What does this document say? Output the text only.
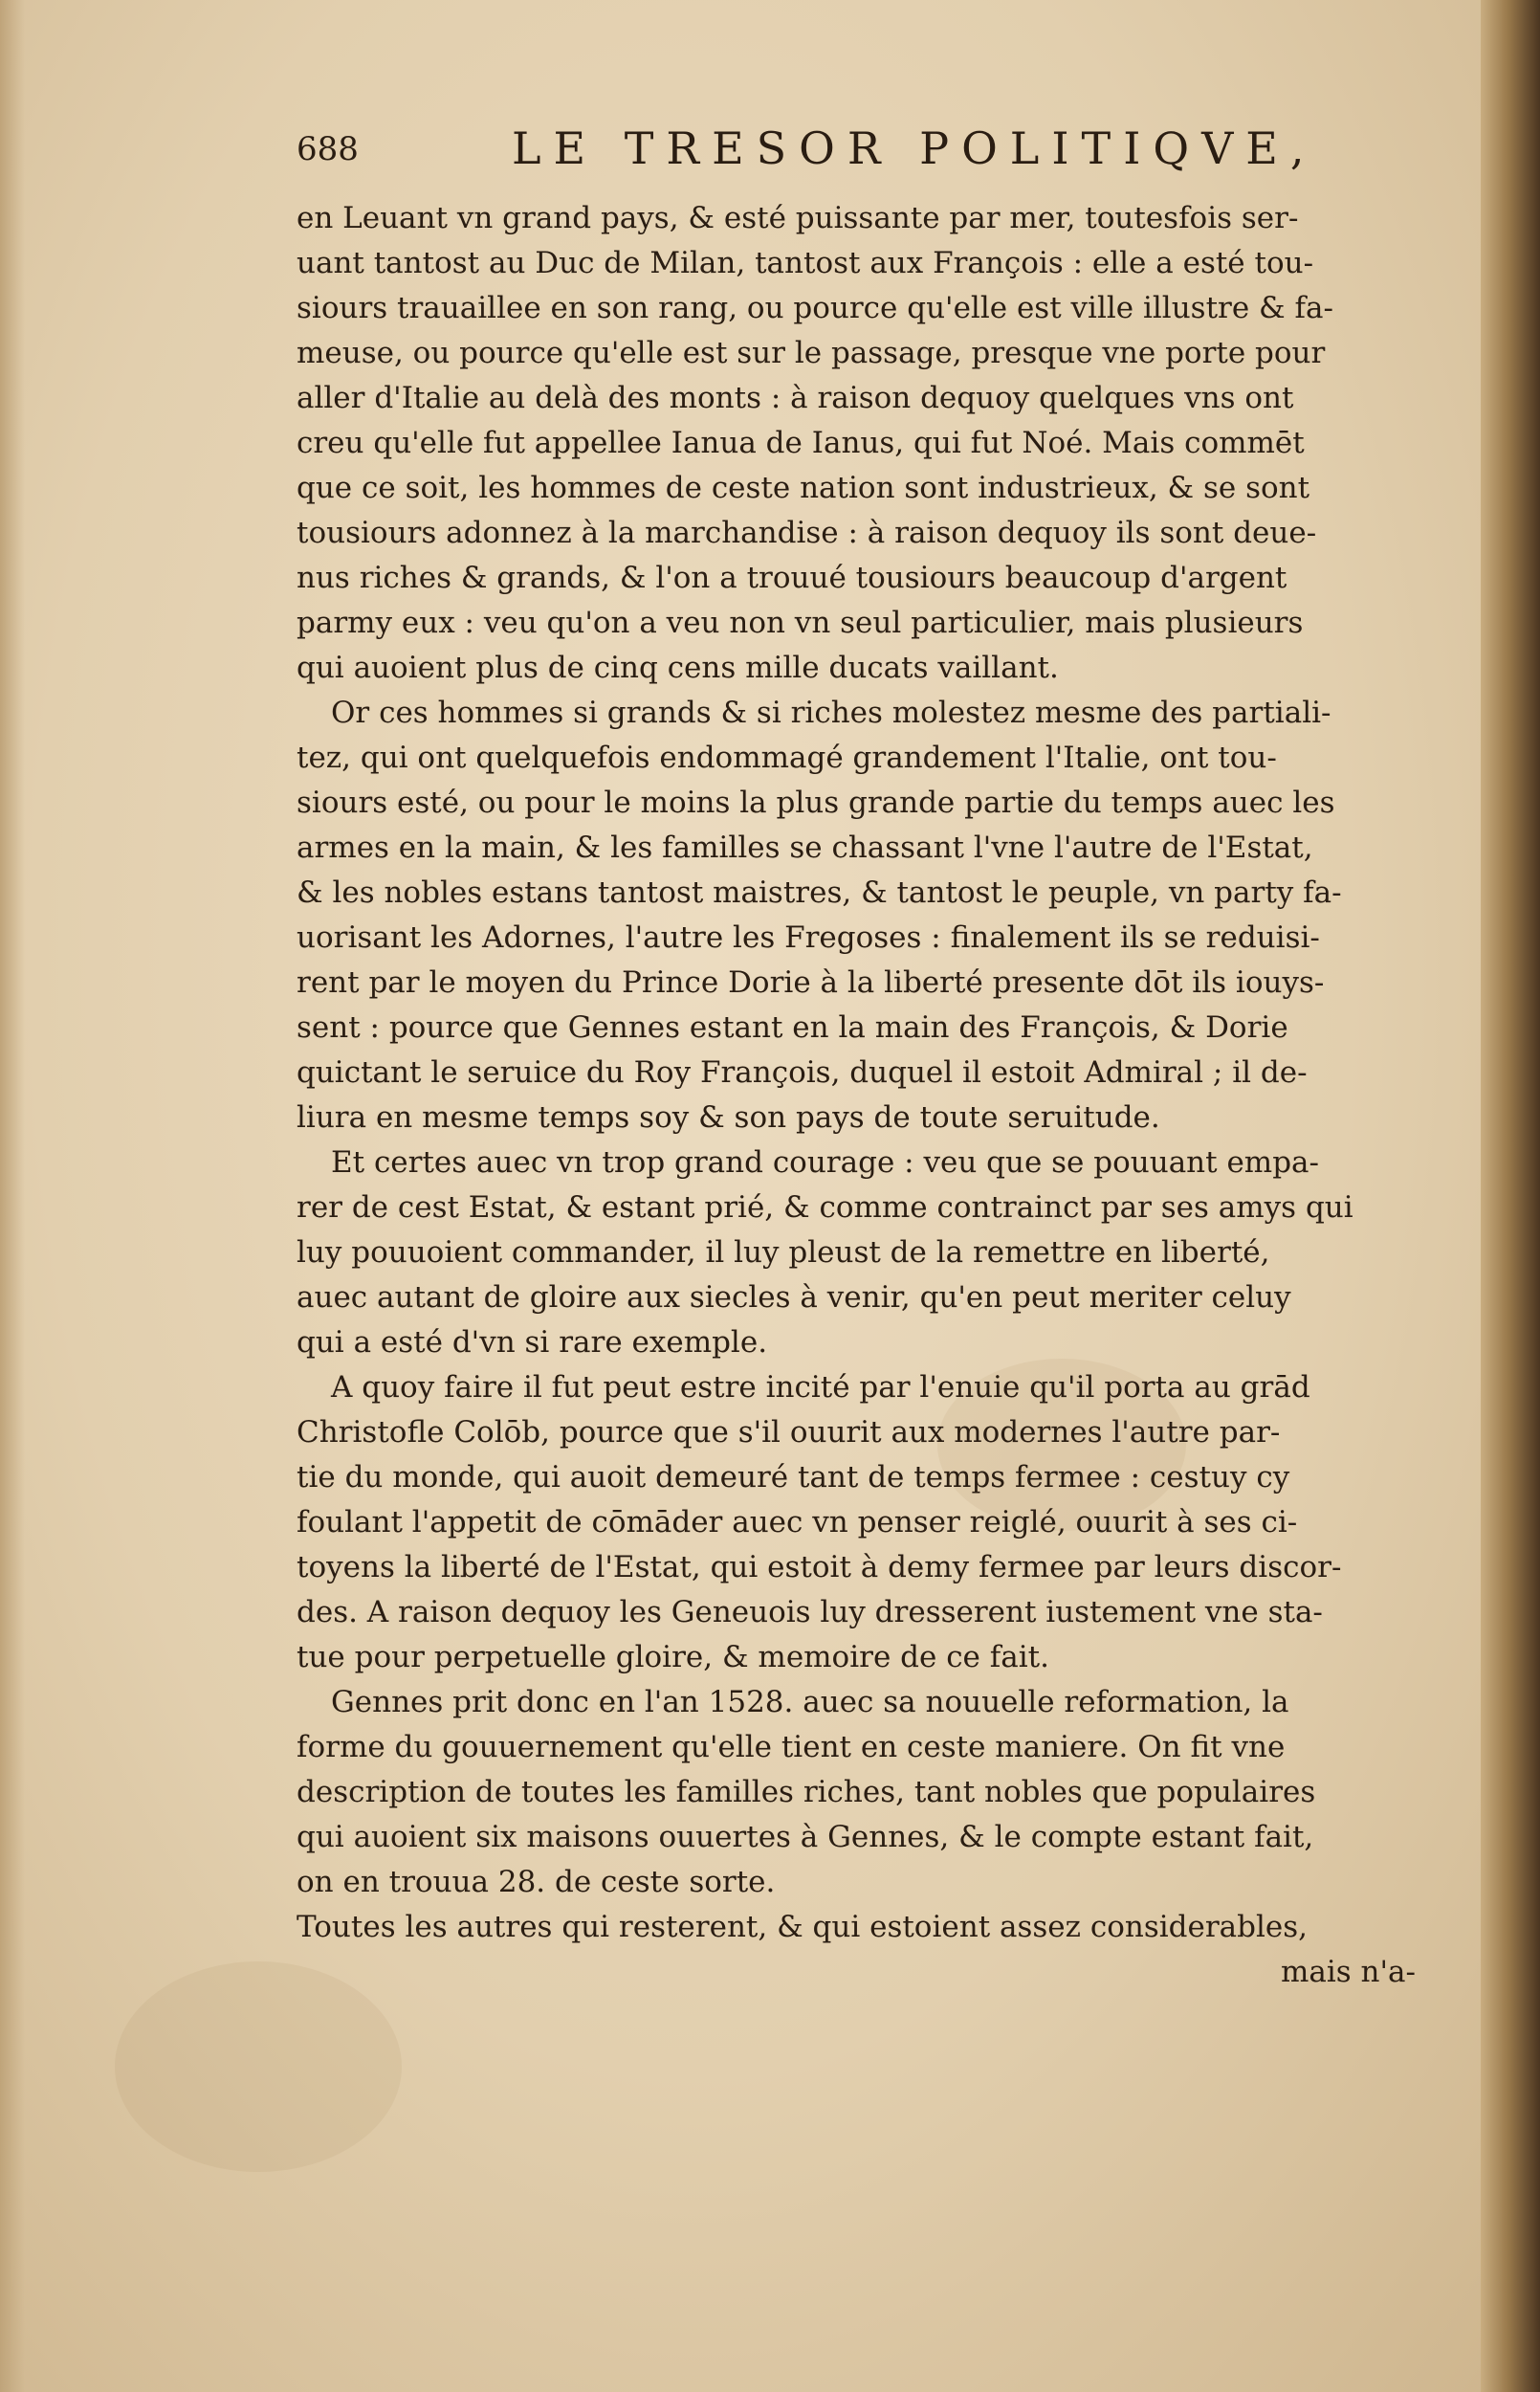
688	LE TRESOR POLITIQVE,
en Leuant vn grand pays, & esté puissante par mer, toutesfois ser-
uant tantost au Duc de Milan, tantost aux François : elle a esté tou-
siours trauaillee en son rang, ou pource qu'elle est ville illustre & fa-
meuse, ou pource qu'elle est sur le passage, presque vne porte pour
aller d'Italie au delà des monts : à raison dequoy quelques vns ont
creu qu'elle fut appellee Ianua de Ianus, qui fut Noé. Mais commēt
que ce soit, les hommes de ceste nation sont industrieux, & se sont
tousiours adonnez à la marchandise : à raison dequoy ils sont deue-
nus riches & grands, & l'on a trouué tousiours beaucoup d'argent
parmy eux : veu qu'on a veu non vn seul particulier, mais plusieurs
qui auoient plus de cinq cens mille ducats vaillant.
Or ces hommes si grands & si riches molestez mesme des partiali-
tez, qui ont quelquefois endommagé grandement l'Italie, ont tou-
siours esté, ou pour le moins la plus grande partie du temps auec les
armes en la main, & les familles se chassant l'vne l'autre de l'Estat,
& les nobles estans tantost maistres, & tantost le peuple, vn party fa-
uorisant les Adornes, l'autre les Fregoses : finalement ils se reduisi-
rent par le moyen du Prince Dorie à la liberté presente dōt ils iouys-
sent : pource que Gennes estant en la main des François, & Dorie
quictant le seruice du Roy François, duquel il estoit Admiral ; il de-
liura en mesme temps soy & son pays de toute seruitude.
Et certes auec vn trop grand courage : veu que se pouuant empa-
rer de cest Estat, & estant prié, & comme contrainct par ses amys qui
luy pouuoient commander, il luy pleust de la remettre en liberté,
auec autant de gloire aux siecles à venir, qu'en peut meriter celuy
qui a esté d'vn si rare exemple.
A quoy faire il fut peut estre incité par l'enuie qu'il porta au grād
Christofle Colōb, pource que s'il ouurit aux modernes l'autre par-
tie du monde, qui auoit demeuré tant de temps fermee : cestuy cy
foulant l'appetit de cōmāder auec vn penser reiglé, ouurit à ses ci-
toyens la liberté de l'Estat, qui estoit à demy fermee par leurs discor-
des. A raison dequoy les Geneuois luy dresserent iustement vne sta-
tue pour perpetuelle gloire, & memoire de ce fait.
Gennes prit donc en l'an 1528. auec sa nouuelle reformation, la
forme du gouuernement qu'elle tient en ceste maniere. On fit vne
description de toutes les familles riches, tant nobles que populaires
qui auoient six maisons ouuertes à Gennes, & le compte estant fait,
on en trouua 28. de ceste sorte.
Toutes les autres qui resterent, & qui estoient assez considerables,
mais n'a-
